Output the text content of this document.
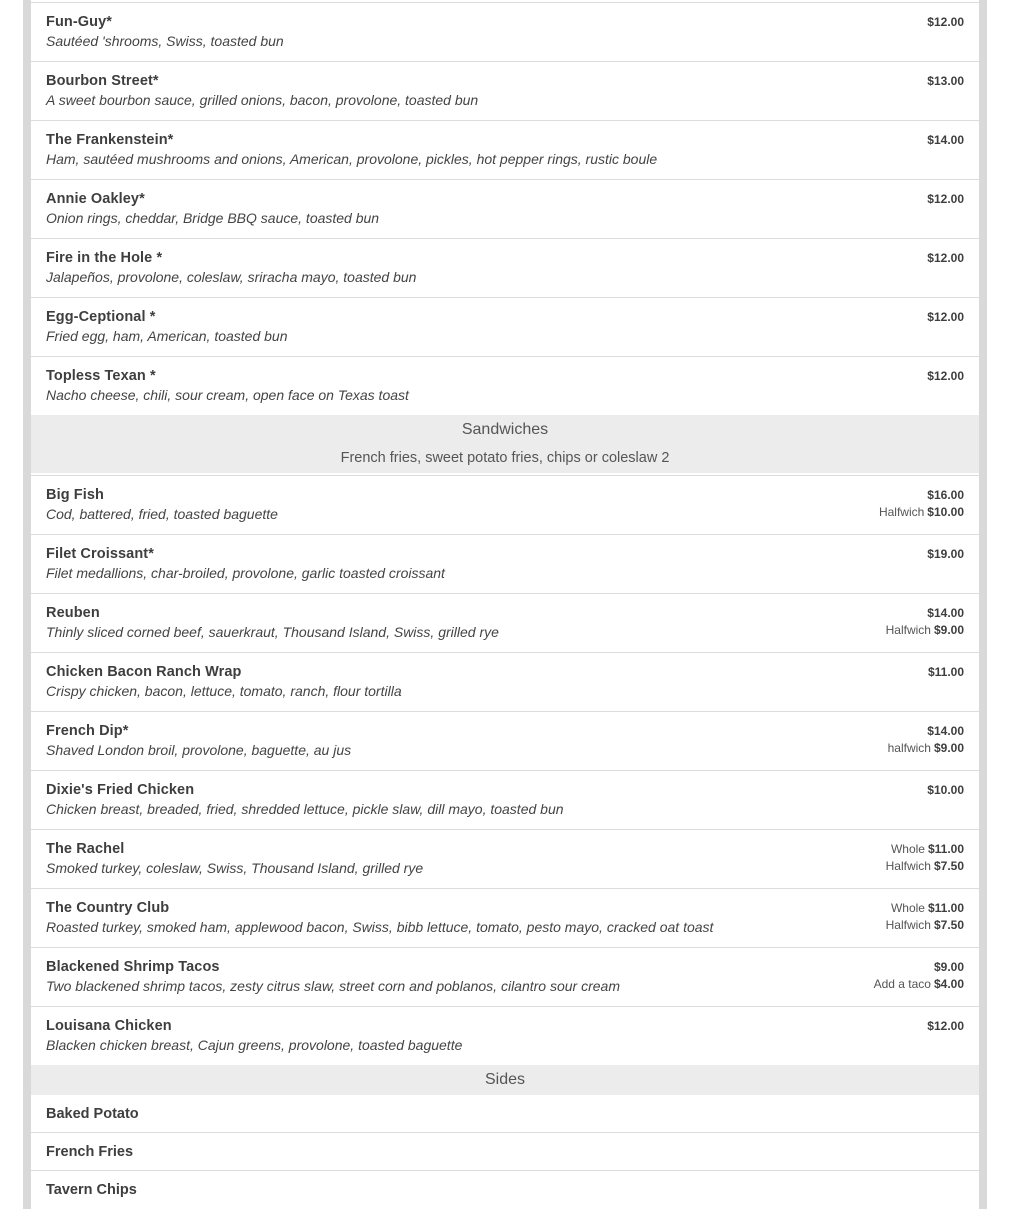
Fun-Guy*
Sautéed 'shrooms, Swiss, toasted bun
$12.00
Bourbon Street*
A sweet bourbon sauce, grilled onions, bacon, provolone, toasted bun
$13.00
The Frankenstein*
Ham, sautéed mushrooms and onions, American, provolone, pickles, hot pepper rings, rustic boule
$14.00
Annie Oakley*
Onion rings, cheddar, Bridge BBQ sauce, toasted bun
$12.00
Fire in the Hole *
Jalapeños, provolone, coleslaw, sriracha mayo, toasted bun
$12.00
Egg-Ceptional *
Fried egg, ham, American, toasted bun
$12.00
Topless Texan *
Nacho cheese, chili, sour cream, open face on Texas toast
$12.00
Sandwiches
French fries, sweet potato fries, chips or coleslaw 2
Big Fish
Cod, battered, fried, toasted baguette
$16.00
Halfwich $10.00
Filet Croissant*
Filet medallions, char-broiled, provolone, garlic toasted croissant
$19.00
Reuben
Thinly sliced corned beef, sauerkraut, Thousand Island, Swiss, grilled rye
$14.00
Halfwich $9.00
Chicken Bacon Ranch Wrap
Crispy chicken, bacon, lettuce, tomato, ranch, flour tortilla
$11.00
French Dip*
Shaved London broil, provolone, baguette, au jus
$14.00
halfwich $9.00
Dixie's Fried Chicken
Chicken breast, breaded, fried, shredded lettuce, pickle slaw, dill mayo, toasted bun
$10.00
The Rachel
Smoked turkey, coleslaw, Swiss, Thousand Island, grilled rye
Whole $11.00
Halfwich $7.50
The Country Club
Roasted turkey, smoked ham, applewood bacon, Swiss, bibb lettuce, tomato, pesto mayo, cracked oat toast
Whole $11.00
Halfwich $7.50
Blackened Shrimp Tacos
Two blackened shrimp tacos, zesty citrus slaw, street corn and poblanos, cilantro sour cream
$9.00
Add a taco $4.00
Louisana Chicken
Blacken chicken breast, Cajun greens, provolone, toasted baguette
$12.00
Sides
Baked Potato
French Fries
Tavern Chips
